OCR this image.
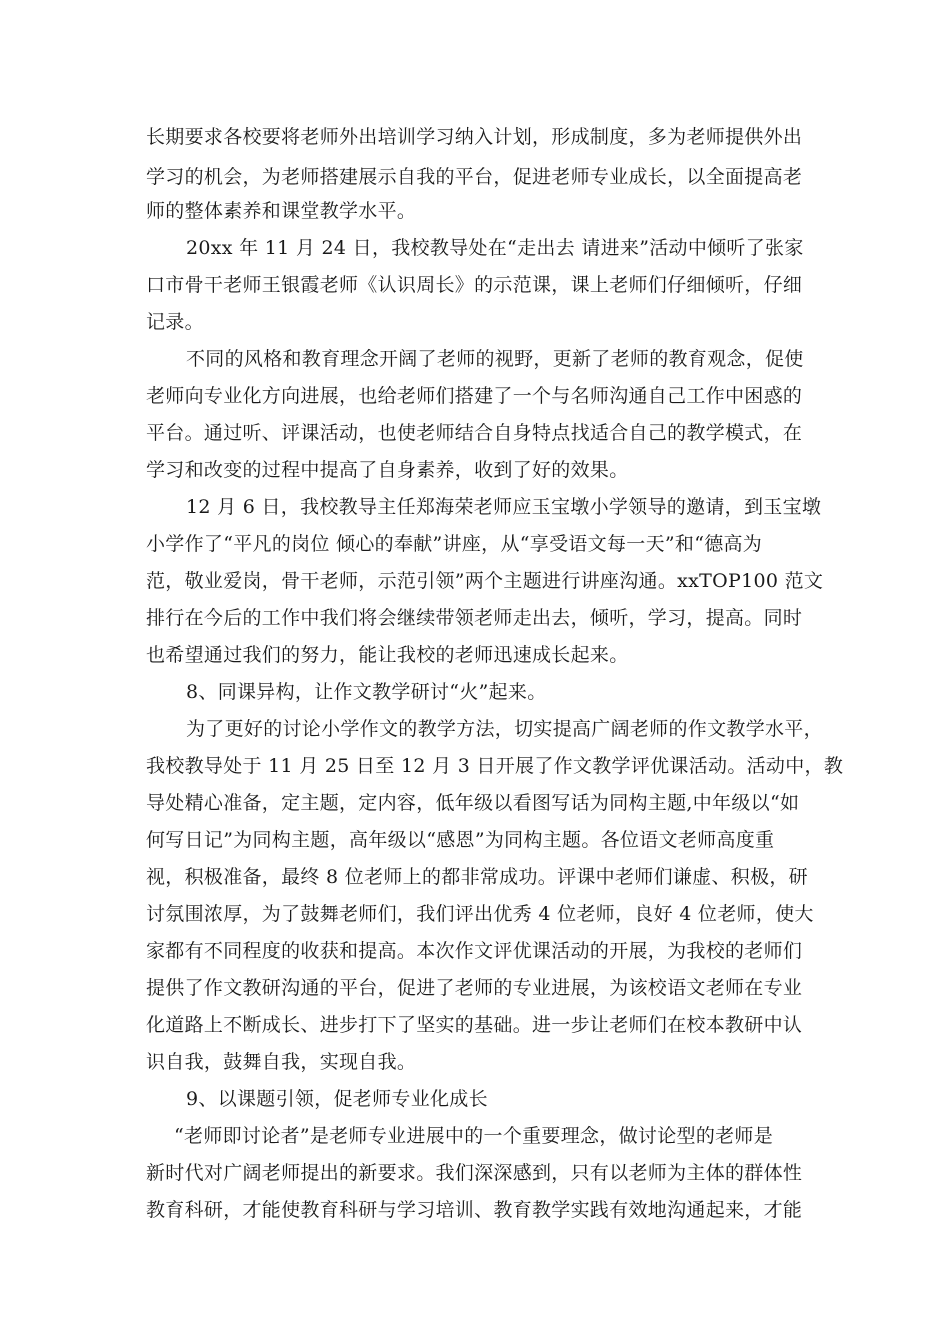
长期要求各校要将老师外出培训学习纳入计划，形成制度，多为老师提供外出

学习的机会，为老师搭建展示自我的平台，促进老师专业成长，以全面提高老

师的整体素养和课堂教学水平。

20xx 年 11 月 24 日，我校教导处在“走出去 请进来”活动中倾听了张家

口市骨干老师王银霞老师《认识周长》的示范课，课上老师们仔细倾听，仔细

记录。

不同的风格和教育理念开阔了老师的视野，更新了老师的教育观念，促使

老师向专业化方向进展，也给老师们搭建了一个与名师沟通自己工作中困惑的

平台。通过听、评课活动，也使老师结合自身特点找适合自己的教学模式，在

学习和改变的过程中提高了自身素养，收到了好的效果。

12 月 6 日，我校教导主任郑海荣老师应玉宝墩小学领导的邀请，到玉宝墩

小学作了“平凡的岗位 倾心的奉献”讲座，从“享受语文每一天”和“德高为

范，敬业爱岗，骨干老师，示范引领”两个主题进行讲座沟通。xxTOP100 范文

排行在今后的工作中我们将会继续带领老师走出去，倾听，学习，提高。同时

也希望通过我们的努力，能让我校的老师迅速成长起来。

8、同课异构，让作文教学研讨“火”起来。

为了更好的讨论小学作文的教学方法，切实提高广阔老师的作文教学水平，

我校教导处于 11 月 25 日至 12 月 3 日开展了作文教学评优课活动。活动中，教

导处精心准备，定主题，定内容，低年级以看图写话为同构主题,中年级以“如

何写日记”为同构主题，高年级以“感恩”为同构主题。各位语文老师高度重

视，积极准备，最终 8 位老师上的都非常成功。评课中老师们谦虚、积极，研

讨氛围浓厚，为了鼓舞老师们，我们评出优秀 4 位老师，良好 4 位老师，使大

家都有不同程度的收获和提高。本次作文评优课活动的开展，为我校的老师们

提供了作文教研沟通的平台，促进了老师的专业进展，为该校语文老师在专业

化道路上不断成长、进步打下了坚实的基础。进一步让老师们在校本教研中认

识自我，鼓舞自我，实现自我。

9、以课题引领，促老师专业化成长

“老师即讨论者”是老师专业进展中的一个重要理念，做讨论型的老师是

新时代对广阔老师提出的新要求。我们深深感到，只有以老师为主体的群体性

教育科研，才能使教育科研与学习培训、教育教学实践有效地沟通起来，才能
